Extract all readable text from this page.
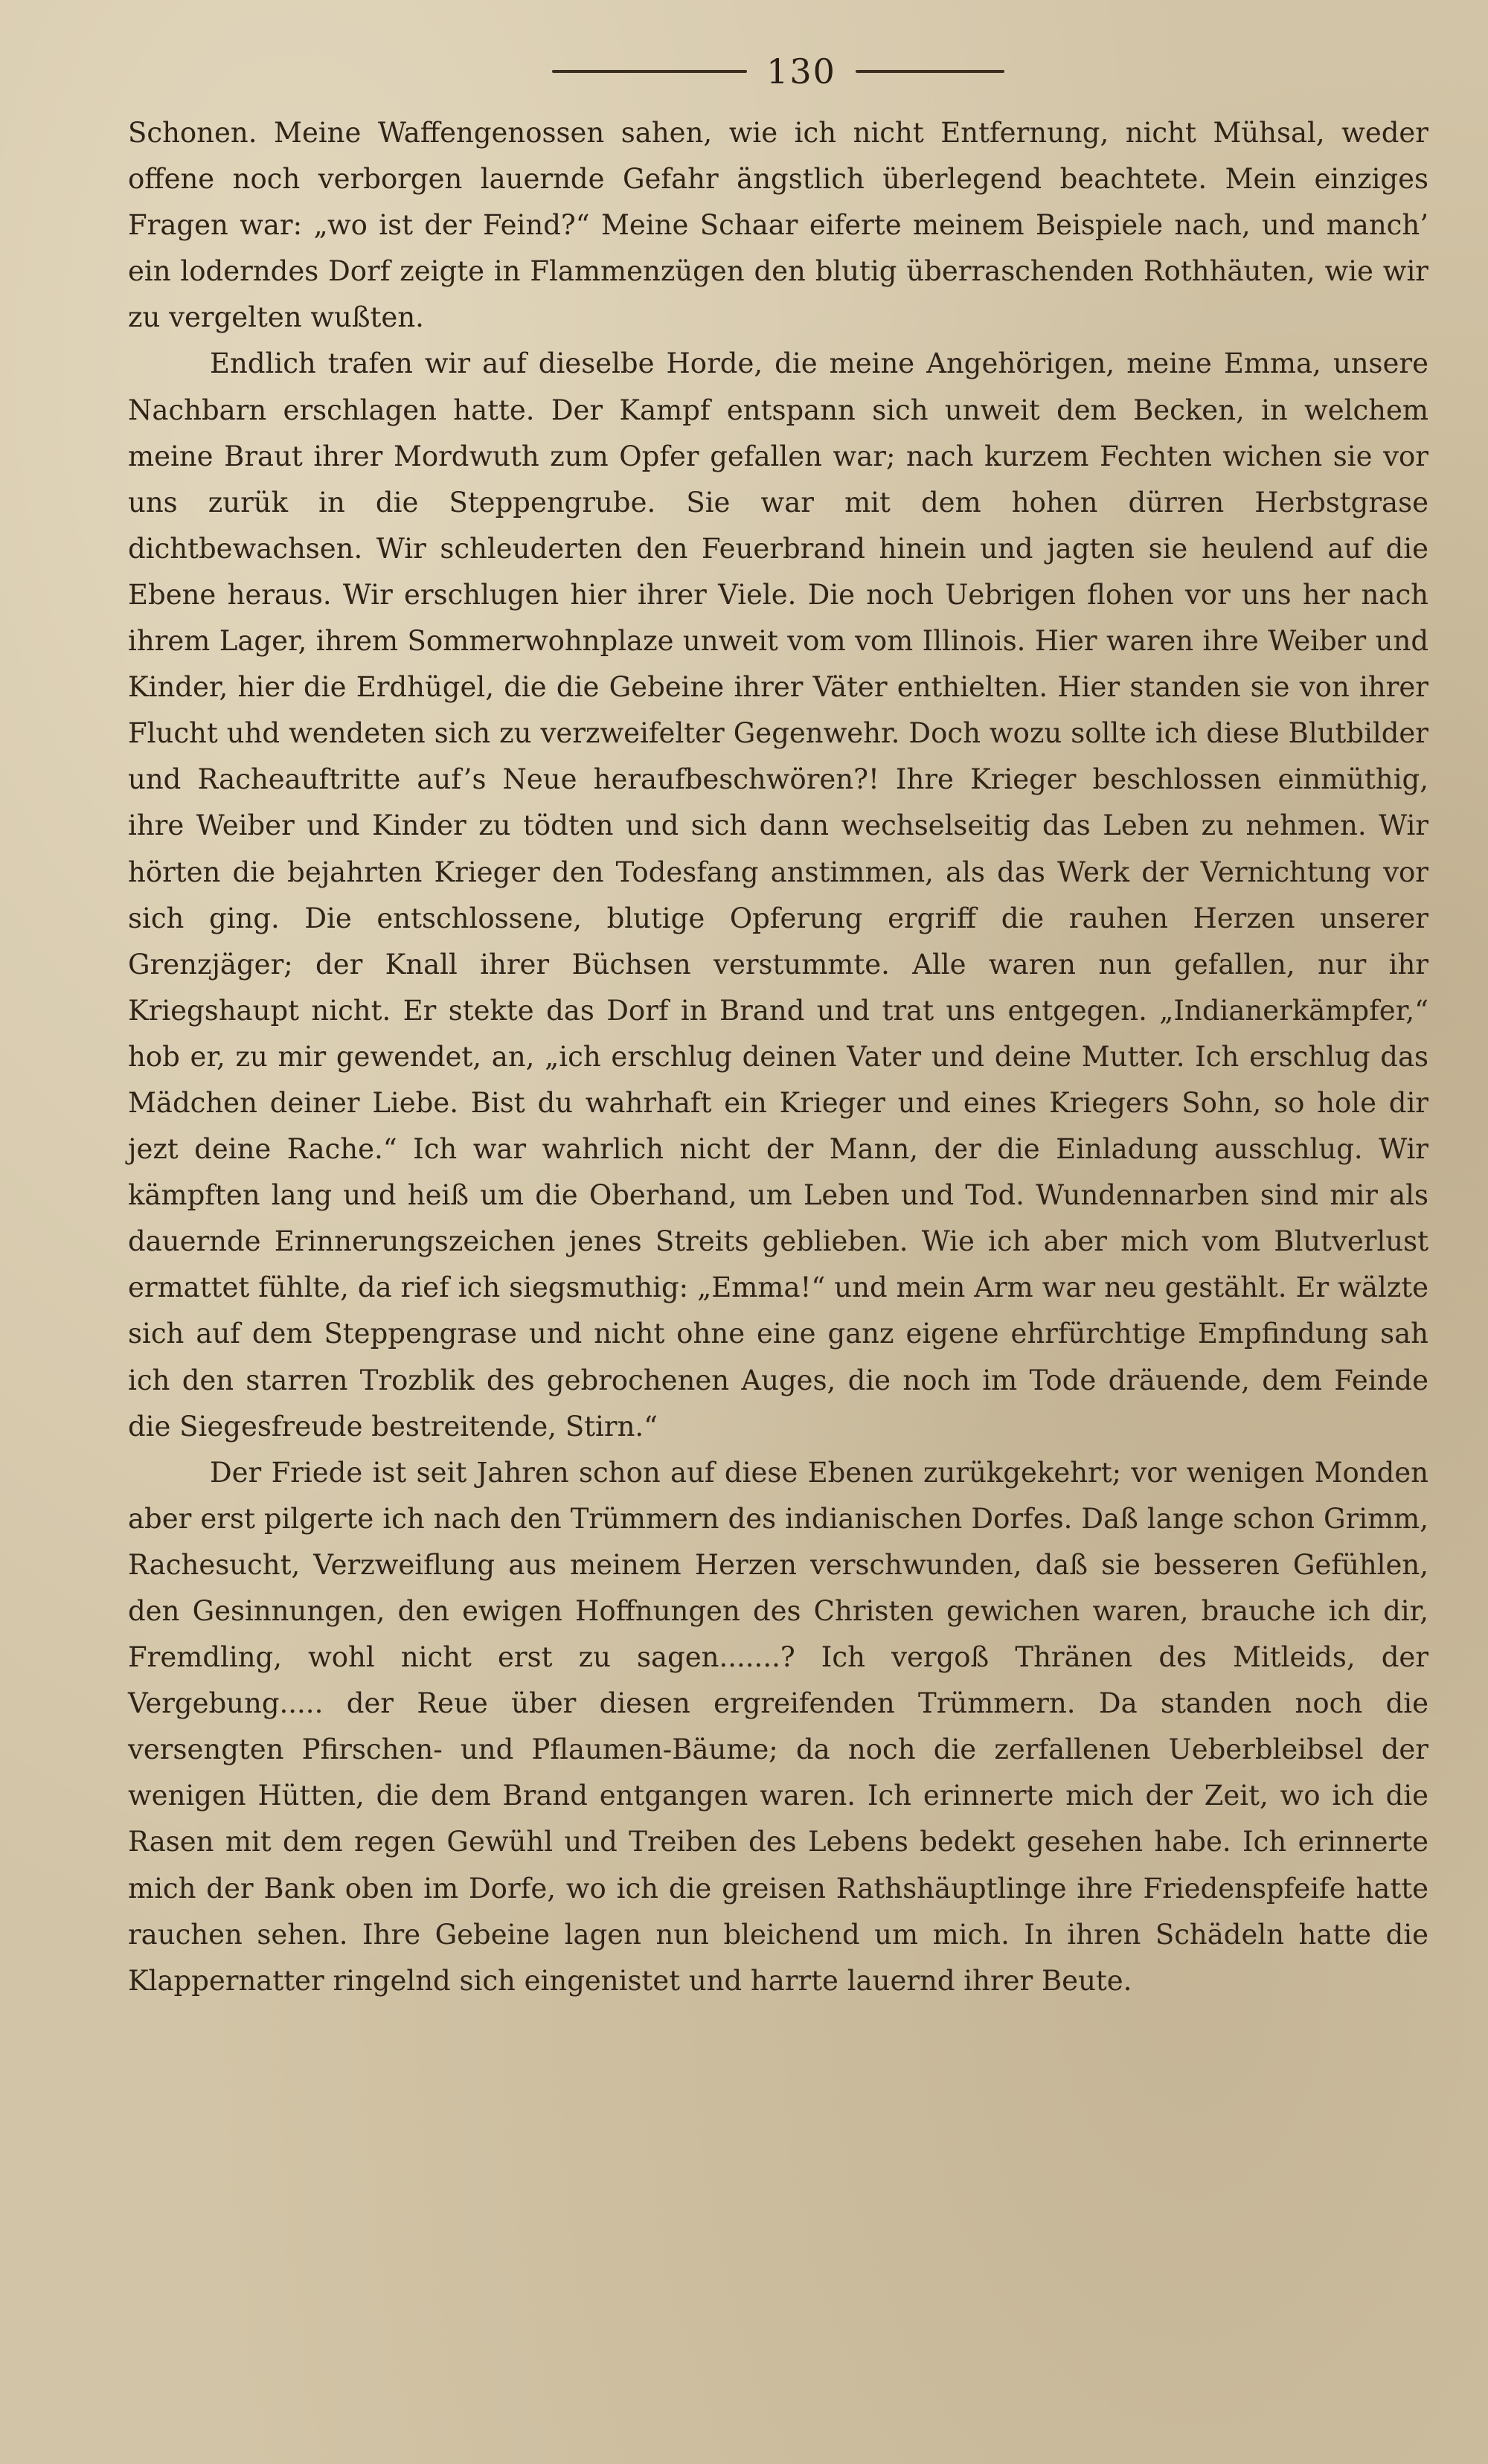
130

Schonen. Meine Waffengenossen sahen, wie ich nicht Entfernung, nicht Mühsal, weder offene noch verborgen lauernde Gefahr ängstlich überlegend beachtete. Mein einziges Fragen war: „wo ist der Feind?“ Meine Schaar eiferte meinem Beispiele nach, und manch’ ein loderndes Dorf zeigte in Flammenzügen den blutig überraschenden Rothhäuten, wie wir zu vergelten wußten.

Endlich trafen wir auf dieselbe Horde, die meine Angehörigen, meine Emma, unsere Nachbarn erschlagen hatte. Der Kampf entspann sich unweit dem Becken, in welchem meine Braut ihrer Mordwuth zum Opfer gefallen war; nach kurzem Fechten wichen sie vor uns zurük in die Steppengrube. Sie war mit dem hohen dürren Herbstgrase dichtbewachsen. Wir schleuderten den Feuerbrand hinein und jagten sie heulend auf die Ebene heraus. Wir erschlugen hier ihrer Viele. Die noch Uebrigen flohen vor uns her nach ihrem Lager, ihrem Sommerwohnplaze unweit vom vom Illinois. Hier waren ihre Weiber und Kinder, hier die Erdhügel, die die Gebeine ihrer Väter enthielten. Hier standen sie von ihrer Flucht uhd wendeten sich zu verzweifelter Gegenwehr. Doch wozu sollte ich diese Blutbilder und Racheauftritte auf’s Neue heraufbeschwören?! Ihre Krieger beschlossen einmüthig, ihre Weiber und Kinder zu tödten und sich dann wechselseitig das Leben zu nehmen. Wir hörten die bejahrten Krieger den Todesfang anstimmen, als das Werk der Vernichtung vor sich ging. Die entschlossene, blutige Opferung ergriff die rauhen Herzen unserer Grenzjäger; der Knall ihrer Büchsen verstummte. Alle waren nun gefallen, nur ihr Kriegshaupt nicht. Er stekte das Dorf in Brand und trat uns entgegen. „Indianerkämpfer,“ hob er, zu mir gewendet, an, „ich erschlug deinen Vater und deine Mutter. Ich erschlug das Mädchen deiner Liebe. Bist du wahrhaft ein Krieger und eines Kriegers Sohn, so hole dir jezt deine Rache.“ Ich war wahrlich nicht der Mann, der die Einladung ausschlug. Wir kämpften lang und heiß um die Oberhand, um Leben und Tod. Wundennarben sind mir als dauernde Erinnerungszeichen jenes Streits geblieben. Wie ich aber mich vom Blutverlust ermattet fühlte, da rief ich siegsmuthig: „Emma!“ und mein Arm war neu gestählt. Er wälzte sich auf dem Steppengrase und nicht ohne eine ganz eigene ehrfürchtige Empfindung sah ich den starren Trozblik des gebrochenen Auges, die noch im Tode dräuende, dem Feinde die Siegesfreude bestreitende, Stirn.“

Der Friede ist seit Jahren schon auf diese Ebenen zurükgekehrt; vor wenigen Monden aber erst pilgerte ich nach den Trümmern des indianischen Dorfes. Daß lange schon Grimm, Rachesucht, Verzweiflung aus meinem Herzen verschwunden, daß sie besseren Gefühlen, den Gesinnungen, den ewigen Hoffnungen des Christen gewichen waren, brauche ich dir, Fremdling, wohl nicht erst zu sagen.......? Ich vergoß Thränen des Mitleids, der Vergebung..... der Reue über diesen ergreifenden Trümmern. Da standen noch die versengten Pfirschen- und Pflaumen-Bäume; da noch die zerfallenen Ueberbleibsel der wenigen Hütten, die dem Brand entgangen waren. Ich erinnerte mich der Zeit, wo ich die Rasen mit dem regen Gewühl und Treiben des Lebens bedekt gesehen habe. Ich erinnerte mich der Bank oben im Dorfe, wo ich die greisen Rathshäuptlinge ihre Friedenspfeife hatte rauchen sehen. Ihre Gebeine lagen nun bleichend um mich. In ihren Schädeln hatte die Klappernatter ringelnd sich eingenistet und harrte lauernd ihrer Beute.
